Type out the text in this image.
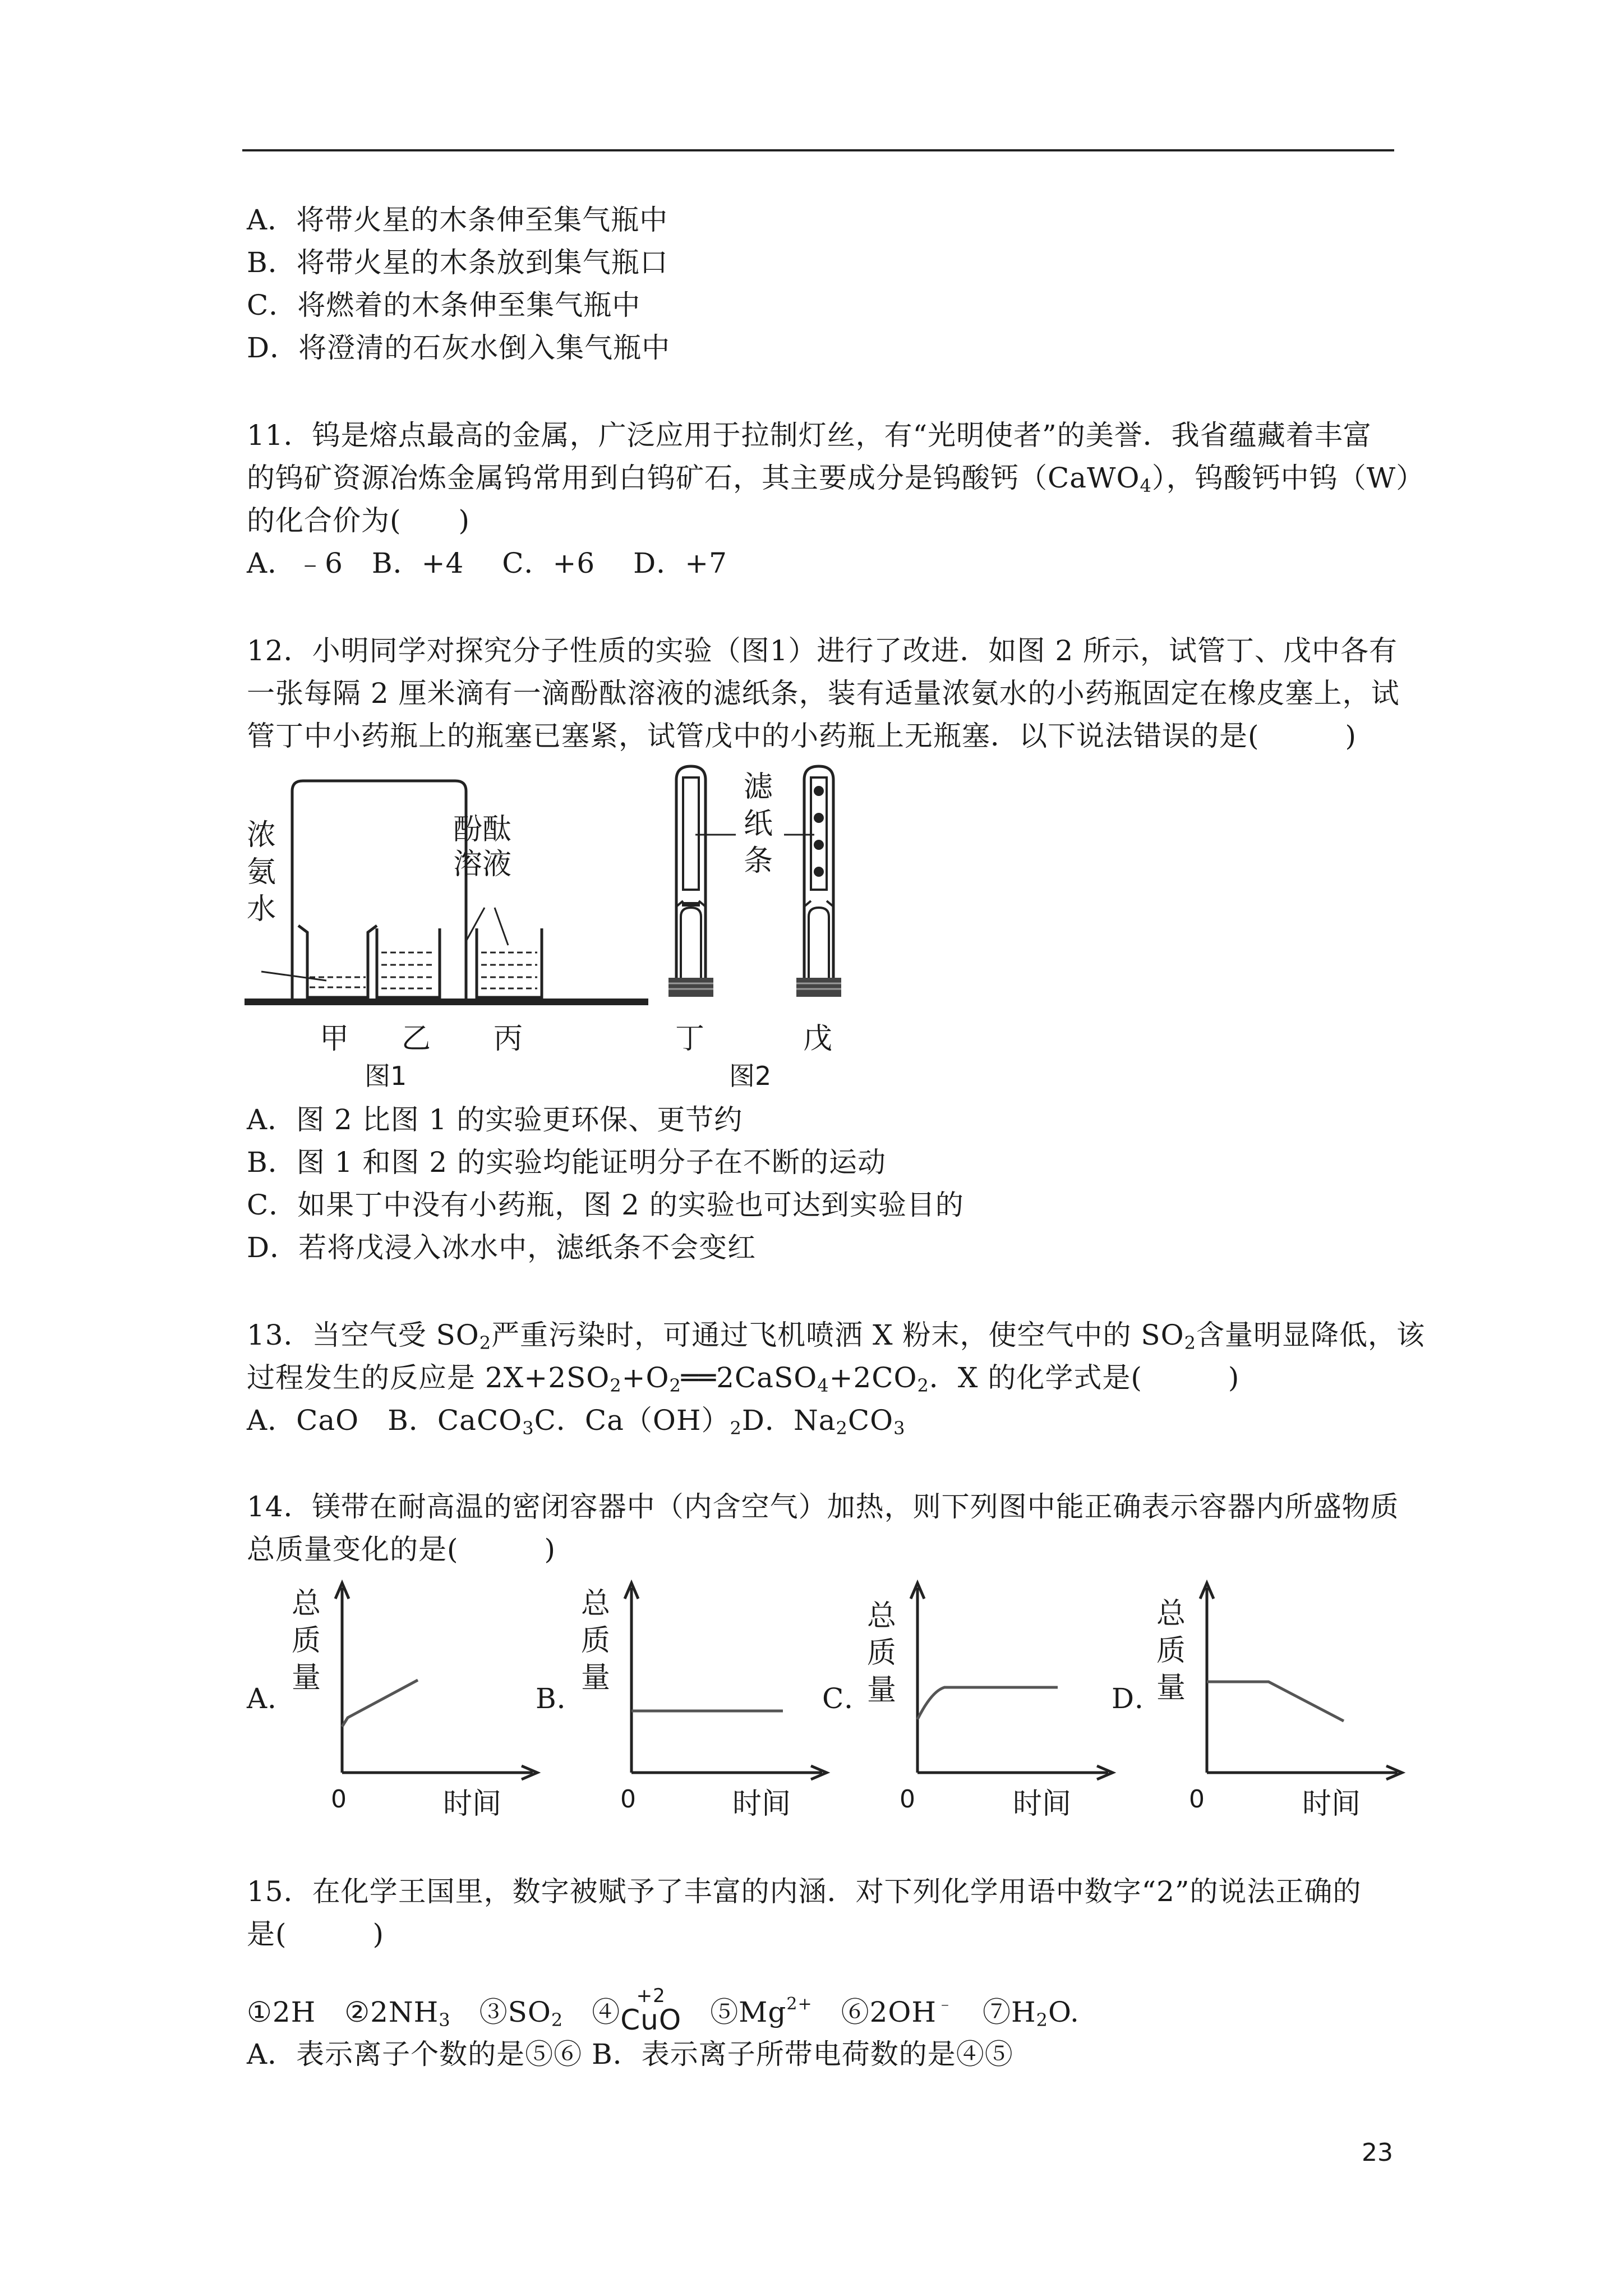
A．将带火星的木条伸至集气瓶中
B．将带火星的木条放到集气瓶口
C．将燃着的木条伸至集气瓶中
D．将澄清的石灰水倒入集气瓶中
11．钨是熔点最高的金属，广泛应用于拉制灯丝，有“光明使者”的美誉．我省蕴藏着丰富
的钨矿资源冶炼金属钨常用到白钨矿石，其主要成分是钨酸钙（CaWO$_4$），钨酸钙中钨（W）
的化合价为(　　)
A．﹣6　B．+4　 C．+6　 D．+7
12．小明同学对探究分子性质的实验（图1）进行了改进．如图 2 所示，试管丁、戊中各有
一张每隔 2 厘米滴有一滴酚酞溶液的滤纸条，装有适量浓氨水的小药瓶固定在橡皮塞上，试
管丁中小药瓶上的瓶塞已塞紧，试管戊中的小药瓶上无瓶塞．以下说法错误的是(　　　)
浓
氨
水
酚酞
溶液
甲 乙 丙
图1
滤
纸
条
丁	戊
图2
A．图 2 比图 1 的实验更环保、更节约
B．图 1 和图 2 的实验均能证明分子在不断的运动
C．如果丁中没有小药瓶，图 2 的实验也可达到实验目的
D．若将戊浸入冰水中，滤纸条不会变红
13．当空气受 $SO_2$严重污染时，可通过飞机喷洒 X 粉末，使空气中的 $SO_2$含量明显降低，该
过程发生的反应是 $2X+2SO_2+O_2══2CaSO_4+2CO_2$．X 的化学式是(　　　)
A．CaO　B．CaCO$_3$C．$Ca(OH)_2D$．$Na_2CO_3$
14．镁带在耐高温的密闭容器中（内含空气）加热，则下列图中能正确表示容器内所盛物质
总质量变化的是(　　　)
A．
总
质
量
0	时间
B．
总
质
量
0	时间
C．
总
质
量
0	时间
D．
总
质
量
0	时间
15．在化学王国里，数字被赋予了丰富的内涵．对下列化学用语中数字“2”的说法正确的
是(　　　)
①2H　 $②2NH_3$　 $③SO_2$　 ④ +2
CuO
　 $⑤Mg^{2+}$　 ⑥2OH﹣　 $⑦H_2O$.
A．表示离子个数的是⑤⑥ B．表示离子所带电荷数的是④⑤
23
